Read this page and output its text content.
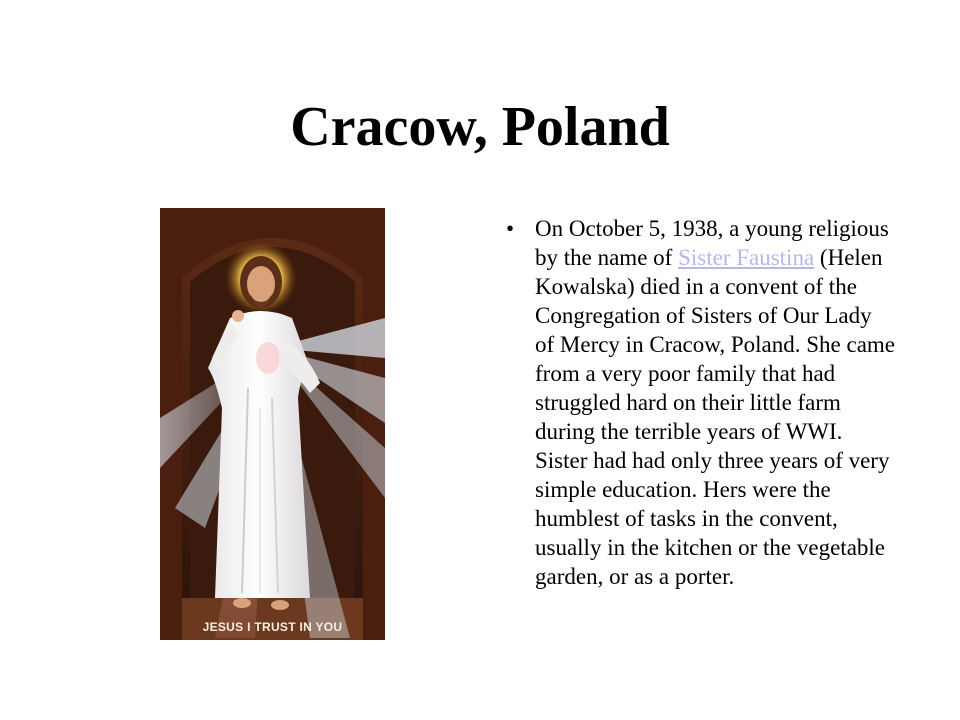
Cracow, Poland
JESUS I TRUST IN YOU
• On October 5, 1938, a young religious by the name of Sister Faustina (Helen Kowalska) died in a convent of the Congregation of Sisters of Our Lady of Mercy in Cracow, Poland. She came from a very poor family that had struggled hard on their little farm during the terrible years of WWI. Sister had had only three years of very simple education. Hers were the humblest of tasks in the convent, usually in the kitchen or the vegetable garden, or as a porter.
